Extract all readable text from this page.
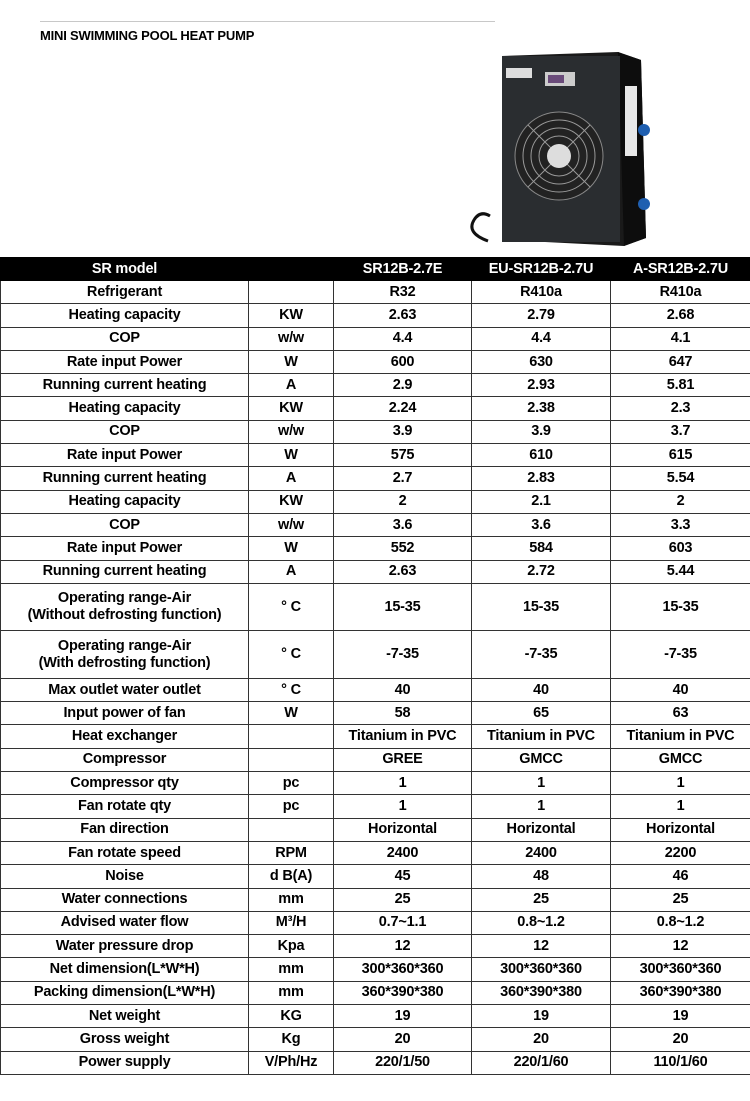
MINI SWIMMING POOL HEAT PUMP
SR model		SR12B-2.7E	EU-SR12B-2.7U	A-SR12B-2.7U
Refrigerant		R32	R410a	R410a
Heating capacity	KW	2.63	2.79	2.68
COP	w/w	4.4	4.4	4.1
Rate input Power	W	600	630	647
Running current heating	A	2.9	2.93	5.81
Heating capacity	KW	2.24	2.38	2.3
COP	w/w	3.9	3.9	3.7
Rate input Power	W	575	610	615
Running current heating	A	2.7	2.83	5.54
Heating capacity	KW	2	2.1	2
COP	w/w	3.6	3.6	3.3
Rate input Power	W	552	584	603
Running current heating	A	2.63	2.72	5.44
Operating range-Air
(Without defrosting function)	° C	15-35	15-35	15-35
Operating range-Air
(With defrosting function)	° C	-7-35	-7-35	-7-35
Max outlet water outlet	° C	40	40	40
Input power of fan	W	58	65	63
Heat exchanger		Titanium in PVC	Titanium in PVC	Titanium in PVC
Compressor		GREE	GMCC	GMCC
Compressor qty	pc	1	1	1
Fan rotate qty	pc	1	1	1
Fan direction		Horizontal	Horizontal	Horizontal
Fan rotate speed	RPM	2400	2400	2200
Noise	d B(A)	45	48	46
Water connections	mm	25	25	25
Advised water flow	M³/H	0.7~1.1	0.8~1.2	0.8~1.2
Water pressure drop	Kpa	12	12	12
Net dimension(L*W*H)	mm	300*360*360	300*360*360	300*360*360
Packing dimension(L*W*H)	mm	360*390*380	360*390*380	360*390*380
Net weight	KG	19	19	19
Gross weight	Kg	20	20	20
Power supply	V/Ph/Hz	220/1/50	220/1/60	110/1/60
